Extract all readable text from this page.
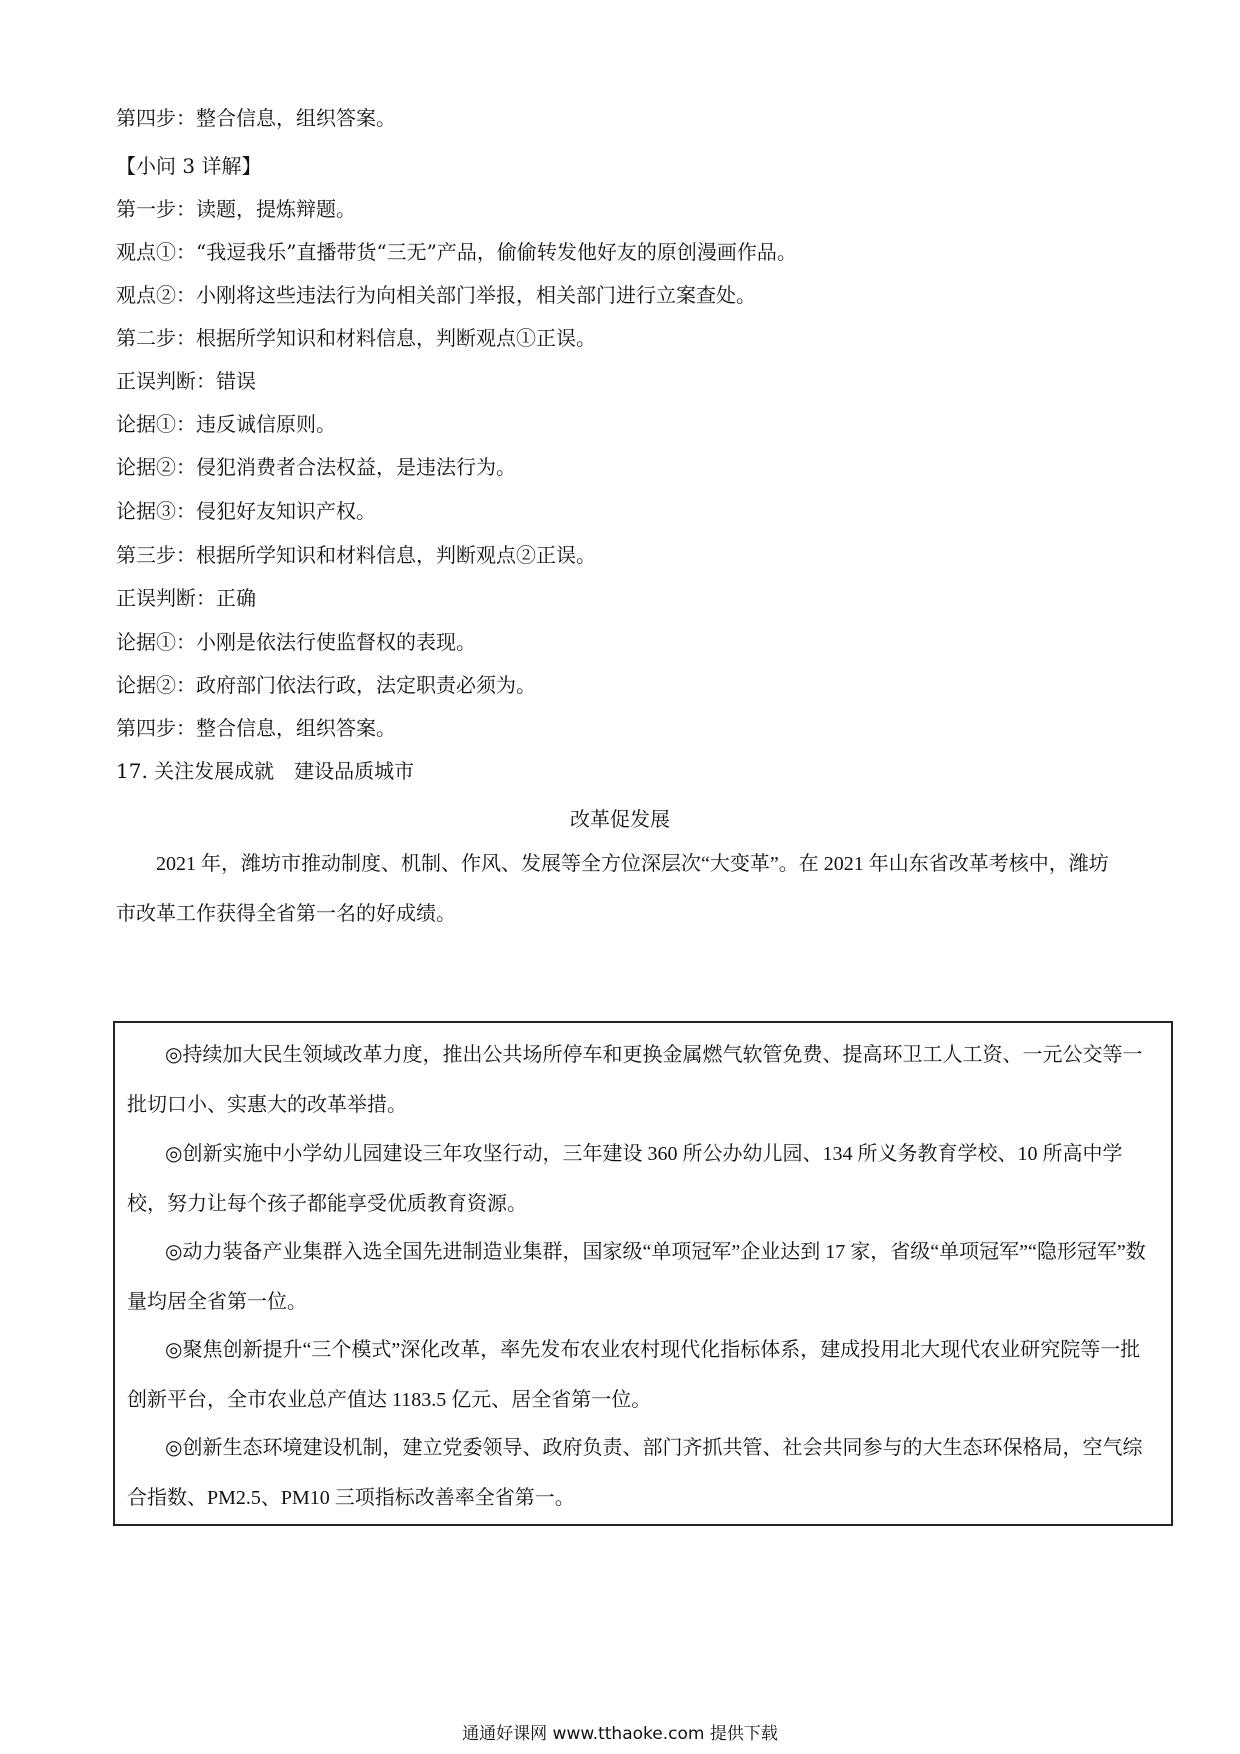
第四步：整合信息，组织答案。

【小问 3 详解】

第一步：读题，提炼辩题。

观点①：“我逗我乐”直播带货“三无”产品，偷偷转发他好友的原创漫画作品。

观点②：小刚将这些违法行为向相关部门举报，相关部门进行立案查处。

第二步：根据所学知识和材料信息，判断观点①正误。

正误判断：错误

论据①：违反诚信原则。

论据②：侵犯消费者合法权益，是违法行为。

论据③：侵犯好友知识产权。

第三步：根据所学知识和材料信息，判断观点②正误。

正误判断：正确

论据①：小刚是依法行使监督权的表现。

论据②：政府部门依法行政，法定职责必须为。

第四步：整合信息，组织答案。

17. 关注发展成就　建设品质城市

改革促发展

2021 年，潍坊市推动制度、机制、作风、发展等全方位深层次“大变革”。在 2021 年山东省改革考核中，潍坊市改革工作获得全省第一名的好成绩。

◎持续加大民生领域改革力度，推出公共场所停车和更换金属燃气软管免费、提高环卫工人工资、一元公交等一批切口小、实惠大的改革举措。

◎创新实施中小学幼儿园建设三年攻坚行动，三年建设 360 所公办幼儿园、134 所义务教育学校、10 所高中学校，努力让每个孩子都能享受优质教育资源。

◎动力装备产业集群入选全国先进制造业集群，国家级“单项冠军”企业达到 17 家，省级“单项冠军”“隐形冠军”数量均居全省第一位。

◎聚焦创新提升“三个模式”深化改革，率先发布农业农村现代化指标体系，建成投用北大现代农业研究院等一批创新平台，全市农业总产值达 1183.5 亿元、居全省第一位。

◎创新生态环境建设机制，建立党委领导、政府负责、部门齐抓共管、社会共同参与的大生态环保格局，空气综合指数、PM2.5、PM10 三项指标改善率全省第一。

通通好课网 www.tthaoke.com 提供下载
